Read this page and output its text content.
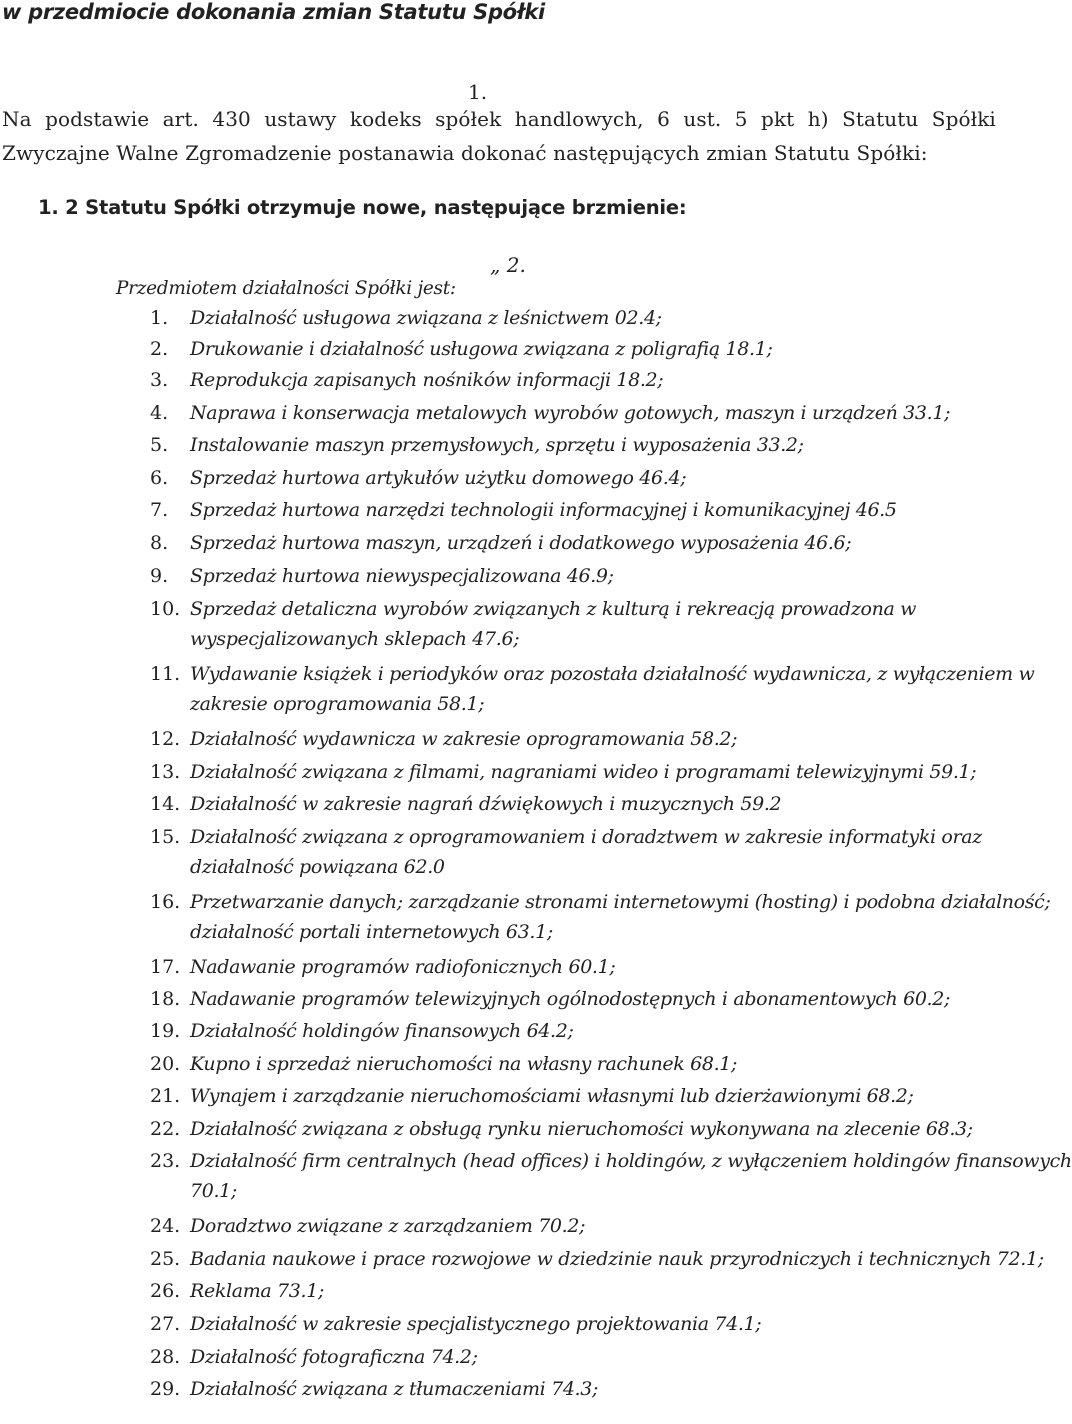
w przedmiocie dokonania zmian Statutu Spółki
1.
Na podstawie art. 430 ustawy kodeks spółek handlowych, 6 ust. 5 pkt h) Statutu Spółki
Zwyczajne Walne Zgromadzenie postanawia dokonać następujących zmian Statutu Spółki:
1. 2 Statutu Spółki otrzymuje nowe, następujące brzmienie:
„ 2.
Przedmiotem działalności Spółki jest:
1. Działalność usługowa związana z leśnictwem 02.4;
2. Drukowanie i działalność usługowa związana z poligrafią 18.1;
3. Reprodukcja zapisanych nośników informacji 18.2;
4. Naprawa i konserwacja metalowych wyrobów gotowych, maszyn i urządzeń 33.1;
5. Instalowanie maszyn przemysłowych, sprzętu i wyposażenia 33.2;
6. Sprzedaż hurtowa artykułów użytku domowego 46.4;
7. Sprzedaż hurtowa narzędzi technologii informacyjnej i komunikacyjnej 46.5
8. Sprzedaż hurtowa maszyn, urządzeń i dodatkowego wyposażenia 46.6;
9. Sprzedaż hurtowa niewyspecjalizowana 46.9;
10. Sprzedaż detaliczna wyrobów związanych z kulturą i rekreacją prowadzona w
wyspecjalizowanych sklepach 47.6;
11. Wydawanie książek i periodyków oraz pozostała działalność wydawnicza, z wyłączeniem w
zakresie oprogramowania 58.1;
12. Działalność wydawnicza w zakresie oprogramowania 58.2;
13. Działalność związana z filmami, nagraniami wideo i programami telewizyjnymi 59.1;
14. Działalność w zakresie nagrań dźwiękowych i muzycznych 59.2
15. Działalność związana z oprogramowaniem i doradztwem w zakresie informatyki oraz
działalność powiązana 62.0
16. Przetwarzanie danych; zarządzanie stronami internetowymi (hosting) i podobna działalność;
działalność portali internetowych 63.1;
17. Nadawanie programów radiofonicznych 60.1;
18. Nadawanie programów telewizyjnych ogólnodostępnych i abonamentowych 60.2;
19. Działalność holdingów finansowych 64.2;
20. Kupno i sprzedaż nieruchomości na własny rachunek 68.1;
21. Wynajem i zarządzanie nieruchomościami własnymi lub dzierżawionymi 68.2;
22. Działalność związana z obsługą rynku nieruchomości wykonywana na zlecenie 68.3;
23. Działalność firm centralnych (head offices) i holdingów, z wyłączeniem holdingów finansowych
70.1;
24. Doradztwo związane z zarządzaniem 70.2;
25. Badania naukowe i prace rozwojowe w dziedzinie nauk przyrodniczych i technicznych 72.1;
26. Reklama 73.1;
27. Działalność w zakresie specjalistycznego projektowania 74.1;
28. Działalność fotograficzna 74.2;
29. Działalność związana z tłumaczeniami 74.3;
